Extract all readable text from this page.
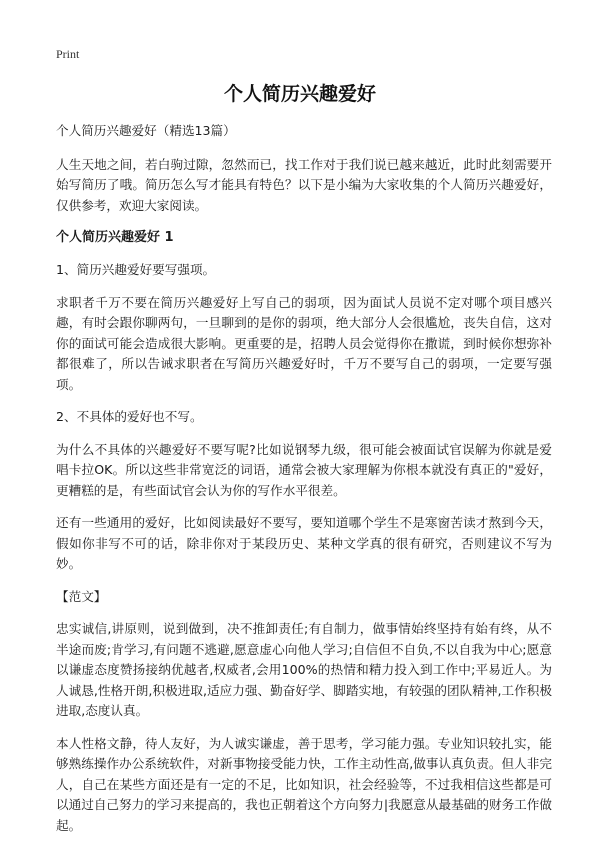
Print
个人简历兴趣爱好
个人简历兴趣爱好（精选13篇）
人生天地之间，若白驹过隙，忽然而已，找工作对于我们说已越来越近，此时此刻需要开始写简历了哦。简历怎么写才能具有特色？以下是小编为大家收集的个人简历兴趣爱好，仅供参考，欢迎大家阅读。
个人简历兴趣爱好 1
1、简历兴趣爱好要写强项。
求职者千万不要在简历兴趣爱好上写自己的弱项，因为面试人员说不定对哪个项目感兴趣，有时会跟你聊两句，一旦聊到的是你的弱项，绝大部分人会很尴尬，丧失自信，这对你的面试可能会造成很大影响。更重要的是，招聘人员会觉得你在撒谎，到时候你想弥补都很难了，所以告诫求职者在写简历兴趣爱好时，千万不要写自己的弱项，一定要写强项。
2、不具体的爱好也不写。
为什么不具体的兴趣爱好不要写呢?比如说钢琴九级，很可能会被面试官误解为你就是爱唱卡拉OK。所以这些非常宽泛的词语，通常会被大家理解为你根本就没有真正的"爱好，更糟糕的是，有些面试官会认为你的写作水平很差。
还有一些通用的爱好，比如阅读最好不要写，要知道哪个学生不是寒窗苦读才熬到今天，假如你非写不可的话，除非你对于某段历史、某种文学真的很有研究，否则建议不写为妙。
【范文】
忠实诚信,讲原则，说到做到，决不推卸责任;有自制力，做事情始终坚持有始有终，从不半途而废;肯学习,有问题不逃避,愿意虚心向他人学习;自信但不自负,不以自我为中心;愿意以谦虚态度赞扬接纳优越者,权威者,会用100%的热情和精力投入到工作中;平易近人。为人诚恳,性格开朗,积极进取,适应力强、勤奋好学、脚踏实地，有较强的团队精神,工作积极进取,态度认真。
本人性格文静，待人友好，为人诚实谦虚，善于思考，学习能力强。专业知识较扎实，能够熟练操作办公系统软件，对新事物接受能力快，工作主动性高,做事认真负责。但人非完人，自己在某些方面还是有一定的不足，比如知识，社会经验等，不过我相信这些都是可以通过自己努力的学习来提高的，我也正朝着这个方向努力|我愿意从最基础的财务工作做起。
